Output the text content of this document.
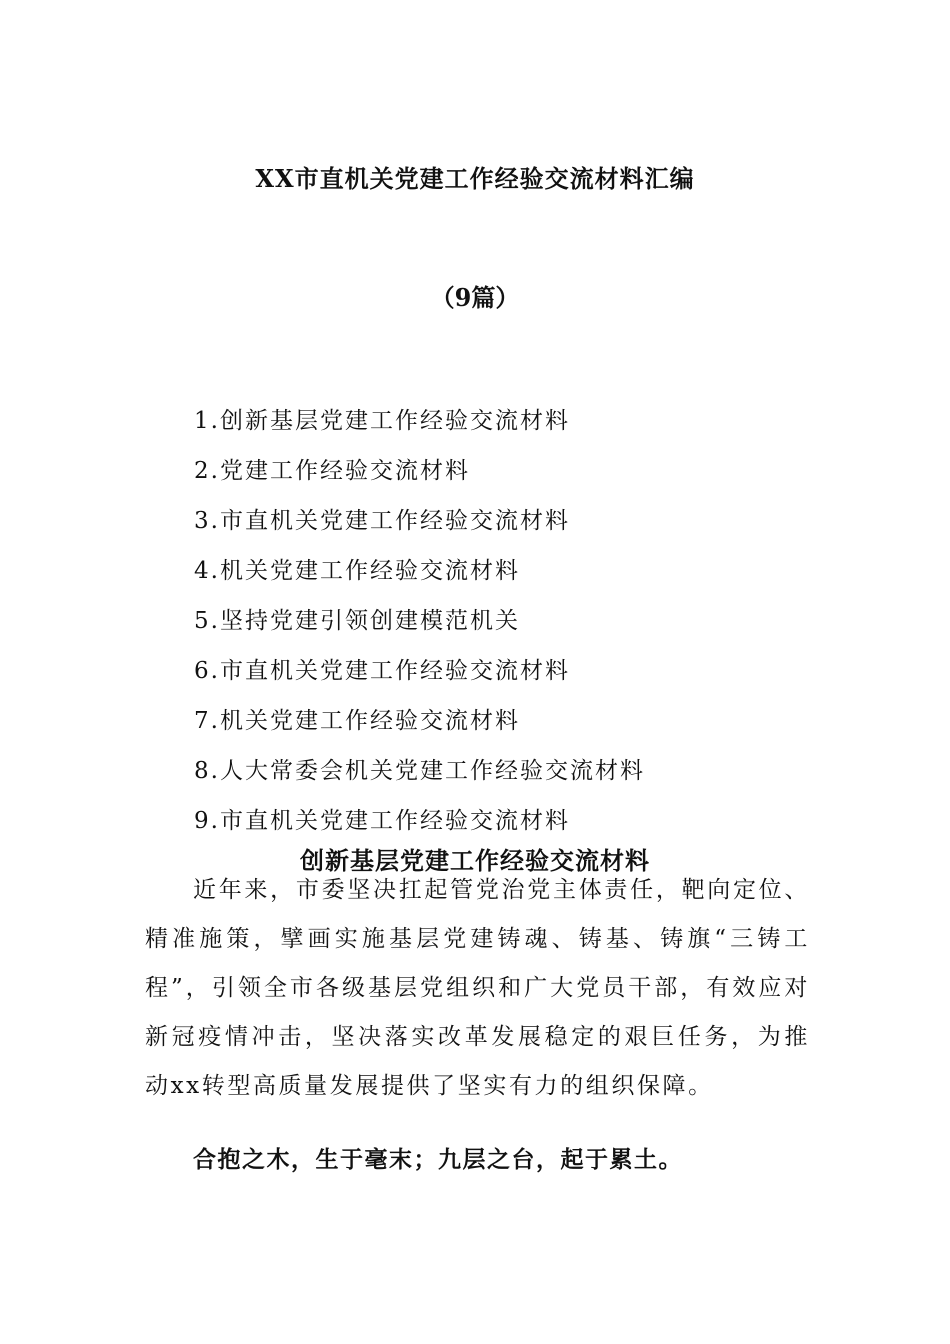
XX市直机关党建工作经验交流材料汇编
（9篇）
1.创新基层党建工作经验交流材料
2.党建工作经验交流材料
3.市直机关党建工作经验交流材料
4.机关党建工作经验交流材料
5.坚持党建引领创建模范机关
6.市直机关党建工作经验交流材料
7.机关党建工作经验交流材料
8.人大常委会机关党建工作经验交流材料
9.市直机关党建工作经验交流材料
创新基层党建工作经验交流材料

近年来，市委坚决扛起管党治党主体责任，靶向定位、精准施策，擘画实施基层党建铸魂、铸基、铸旗“三铸工程”，引领全市各级基层党组织和广大党员干部，有效应对新冠疫情冲击，坚决落实改革发展稳定的艰巨任务，为推动xx转型高质量发展提供了坚实有力的组织保障。

合抱之木，生于毫末；九层之台，起于累土。
